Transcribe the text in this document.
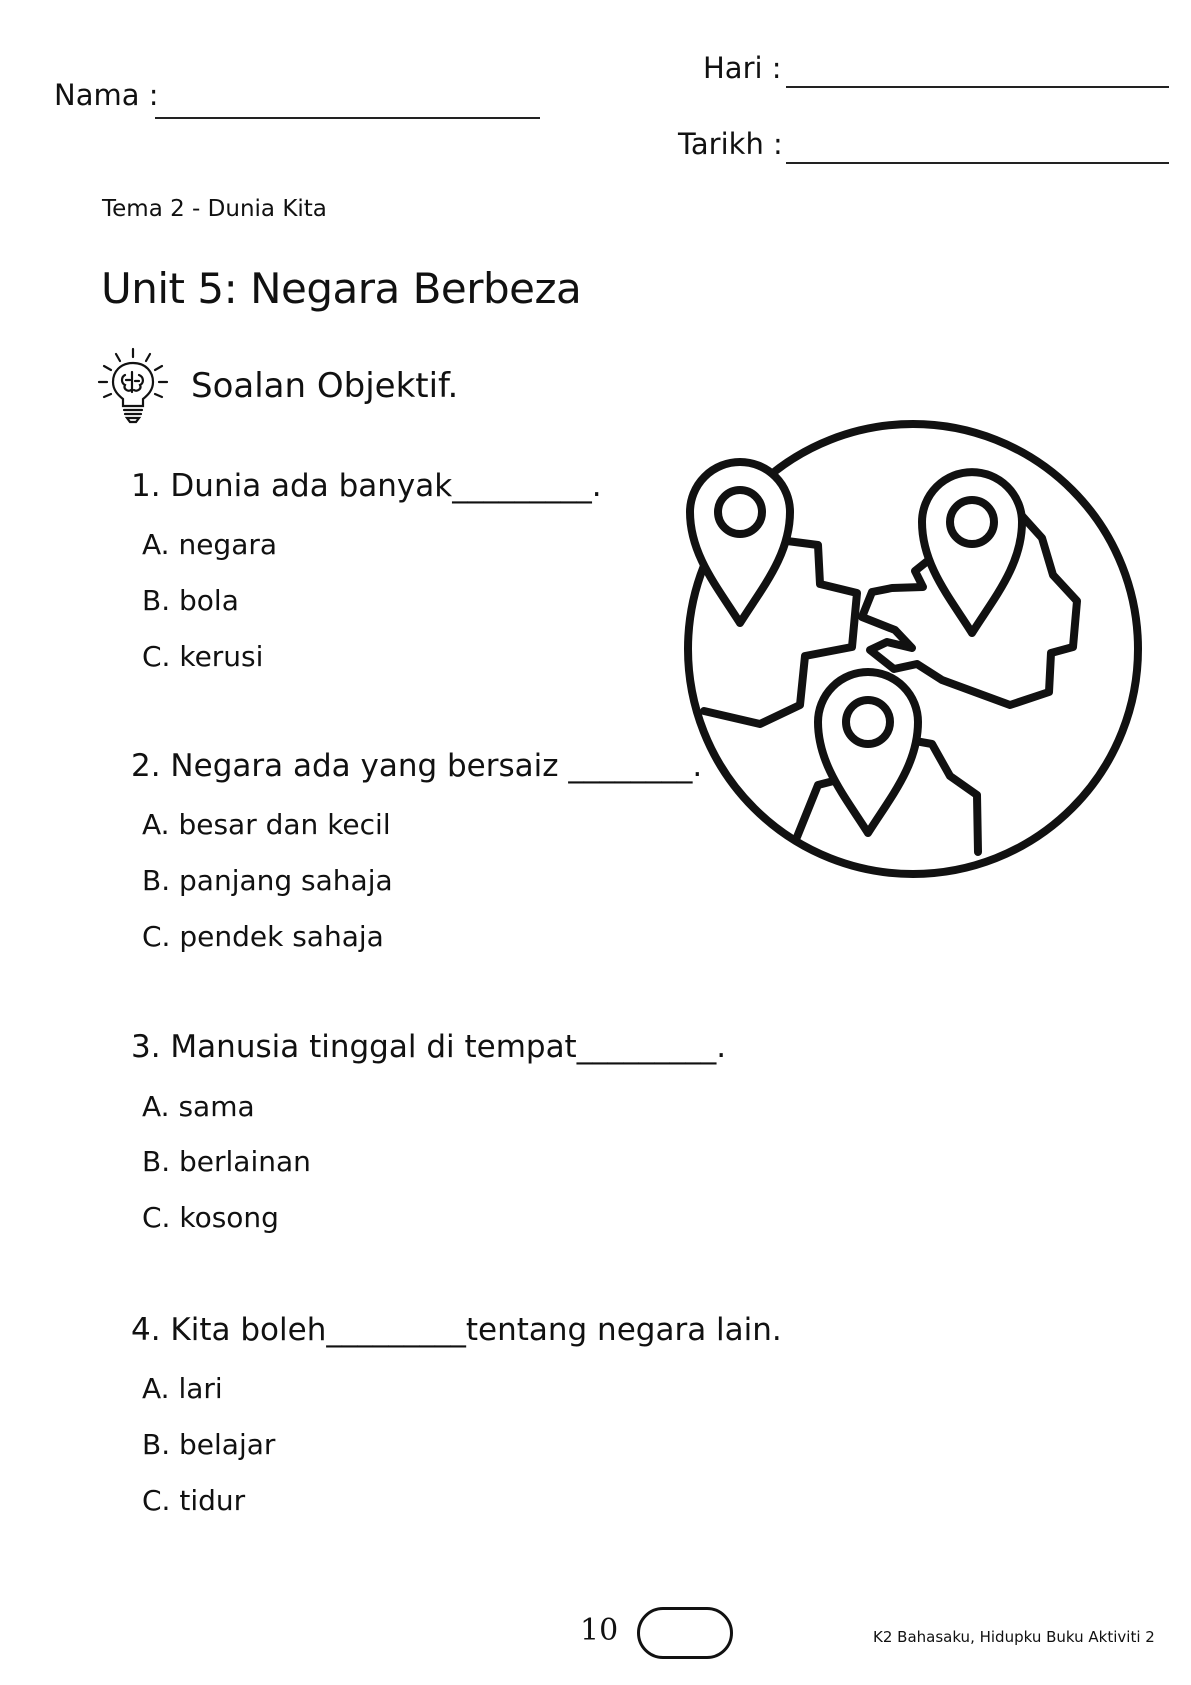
Nama :
Hari :
Tarikh :
Tema 2 - Dunia Kita
Unit 5: Negara Berbeza
Soalan Objektif.
1. Dunia ada banyak_________.
A. negara
B. bola
C. kerusi
2. Negara ada yang bersaiz ________.
A. besar dan kecil
B. panjang sahaja
C. pendek sahaja
3. Manusia tinggal di tempat_________.
A. sama
B. berlainan
C. kosong
4. Kita boleh_________tentang negara lain.
A. lari
B. belajar
C. tidur
10	K2 Bahasaku, Hidupku Buku Aktiviti 2
